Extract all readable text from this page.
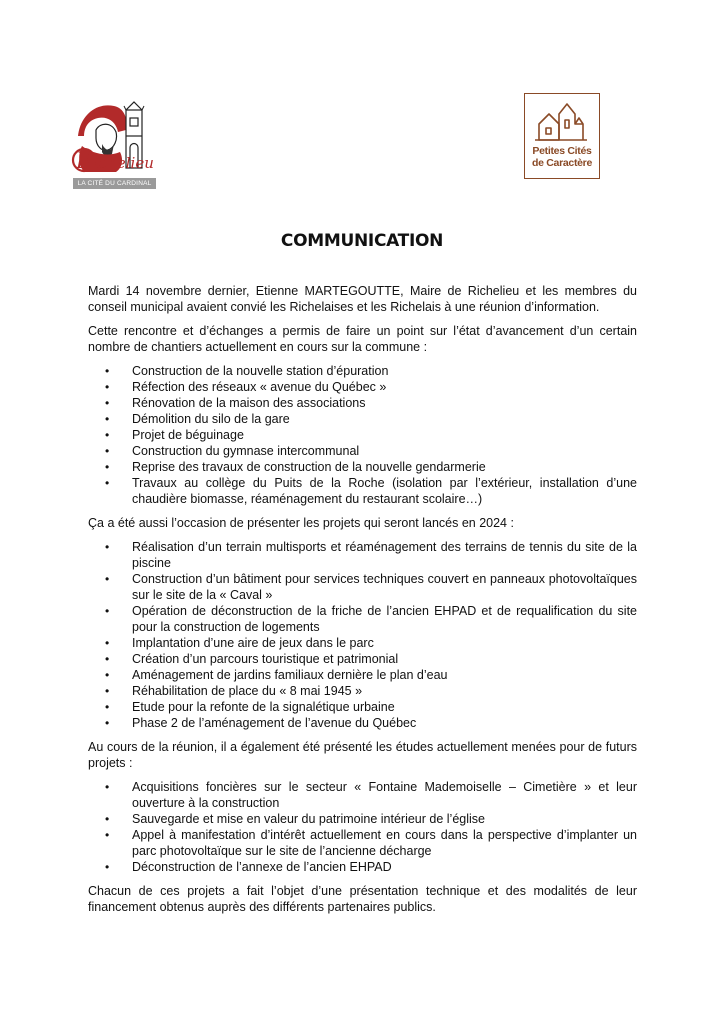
R ichelieu
LA CITÉ DU CARDINAL
Petites Cités
de Caractère
COMMUNICATION

Mardi 14 novembre dernier, Etienne MARTEGOUTTE, Maire de Richelieu et les membres du conseil municipal avaient convié les Richelaises et les Richelais à une réunion d’information.

Cette rencontre et d’échanges a permis de faire un point sur l’état d’avancement d’un certain nombre de chantiers actuellement en cours sur la commune :

• Construction de la nouvelle station d’épuration
• Réfection des réseaux « avenue du Québec »
• Rénovation de la maison des associations
• Démolition du silo de la gare
• Projet de béguinage
• Construction du gymnase intercommunal
• Reprise des travaux de construction de la nouvelle gendarmerie
• Travaux au collège du Puits de la Roche (isolation par l’extérieur, installation d’une chaudière biomasse, réaménagement du restaurant scolaire…)

Ça a été aussi l’occasion de présenter les projets qui seront lancés en 2024 :

• Réalisation d’un terrain multisports et réaménagement des terrains de tennis du site de la piscine
• Construction d’un bâtiment pour services techniques couvert en panneaux photovoltaïques sur le site de la « Caval »
• Opération de déconstruction de la friche de l’ancien EHPAD et de requalification du site pour la construction de logements
• Implantation d’une aire de jeux dans le parc
• Création d’un parcours touristique et patrimonial
• Aménagement de jardins familiaux dernière le plan d’eau
• Réhabilitation de place du « 8 mai 1945 »
• Etude pour la refonte de la signalétique urbaine
• Phase 2 de l’aménagement de l’avenue du Québec

Au cours de la réunion, il a également été présenté les études actuellement menées pour de futurs projets :

• Acquisitions foncières sur le secteur « Fontaine Mademoiselle – Cimetière » et leur ouverture à la construction
• Sauvegarde et mise en valeur du patrimoine intérieur de l’église
• Appel à manifestation d’intérêt actuellement en cours dans la perspective d’implanter un parc photovoltaïque sur le site de l’ancienne décharge
• Déconstruction de l’annexe de l’ancien EHPAD

Chacun de ces projets a fait l’objet d’une présentation technique et des modalités de leur financement obtenus auprès des différents partenaires publics.
